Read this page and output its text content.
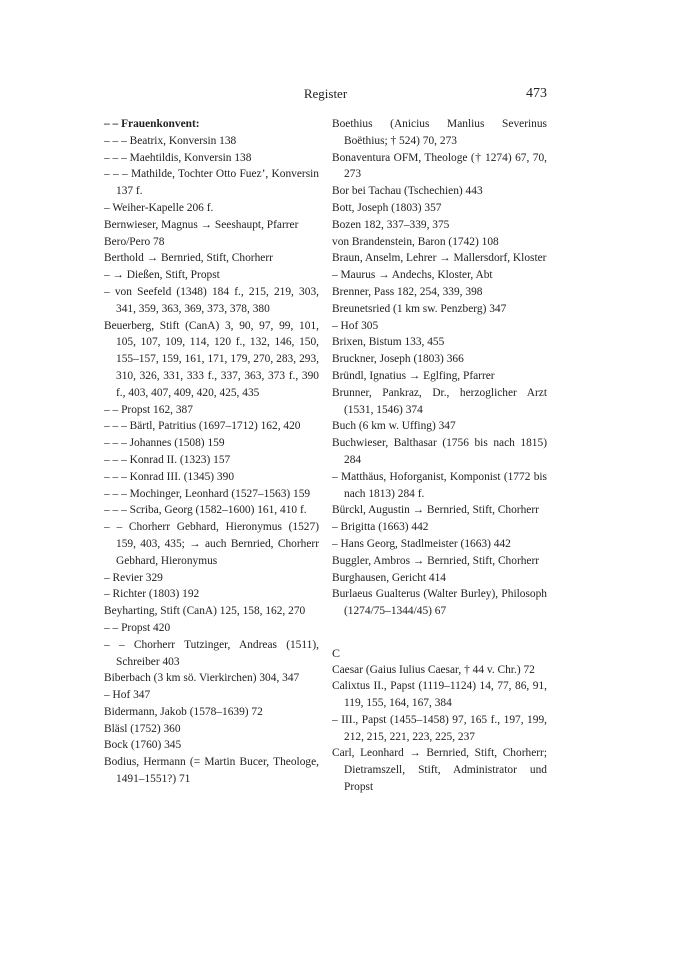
Register	473
– – Frauenkonvent:
– – – Beatrix, Konversin 138
– – – Maehtildis, Konversin 138
– – – Mathilde, Tochter Otto Fuez’, Konversin 137 f.
– Weiher-Kapelle 206 f.
Bernwieser, Magnus → Seeshaupt, Pfarrer
Bero/Pero 78
Berthold → Bernried, Stift, Chorherr
– → Dießen, Stift, Propst
– von Seefeld (1348) 184 f., 215, 219, 303, 341, 359, 363, 369, 373, 378, 380
Beuerberg, Stift (CanA) 3, 90, 97, 99, 101, 105, 107, 109, 114, 120 f., 132, 146, 150, 155–157, 159, 161, 171, 179, 270, 283, 293, 310, 326, 331, 333 f., 337, 363, 373 f., 390 f., 403, 407, 409, 420, 425, 435
– – Propst 162, 387
– – – Bärtl, Patritius (1697–1712) 162, 420
– – – Johannes (1508) 159
– – – Konrad II. (1323) 157
– – – Konrad III. (1345) 390
– – – Mochinger, Leonhard (1527–1563) 159
– – – Scriba, Georg (1582–1600) 161, 410 f.
– – Chorherr Gebhard, Hieronymus (1527) 159, 403, 435; → auch Bernried, Chorherr Gebhard, Hieronymus
– Revier 329
– Richter (1803) 192
Beyharting, Stift (CanA) 125, 158, 162, 270
– – Propst 420
– – Chorherr Tutzinger, Andreas (1511), Schreiber 403
Biberbach (3 km sö. Vierkirchen) 304, 347
– Hof 347
Bidermann, Jakob (1578–1639) 72
Bläsl (1752) 360
Bock (1760) 345
Bodius, Hermann (= Martin Bucer, Theologe, 1491–1551?) 71
Boethius (Anicius Manlius Severinus Boëthius; † 524) 70, 273
Bonaventura OFM, Theologe († 1274) 67, 70, 273
Bor bei Tachau (Tschechien) 443
Bott, Joseph (1803) 357
Bozen 182, 337–339, 375
von Brandenstein, Baron (1742) 108
Braun, Anselm, Lehrer → Mallersdorf, Kloster
– Maurus → Andechs, Kloster, Abt
Brenner, Pass 182, 254, 339, 398
Breunetsried (1 km sw. Penzberg) 347
– Hof 305
Brixen, Bistum 133, 455
Bruckner, Joseph (1803) 366
Bründl, Ignatius → Eglfing, Pfarrer
Brunner, Pankraz, Dr., herzoglicher Arzt (1531, 1546) 374
Buch (6 km w. Uffing) 347
Buchwieser, Balthasar (1756 bis nach 1815) 284
– Matthäus, Hoforganist, Komponist (1772 bis nach 1813) 284 f.
Bürckl, Augustin → Bernried, Stift, Chorherr
– Brigitta (1663) 442
– Hans Georg, Stadlmeister (1663) 442
Buggler, Ambros → Bernried, Stift, Chorherr
Burghausen, Gericht 414
Burlaeus Gualterus (Walter Burley), Philosoph (1274/75–1344/45) 67
C
Caesar (Gaius Iulius Caesar, † 44 v. Chr.) 72
Calixtus II., Papst (1119–1124) 14, 77, 86, 91, 119, 155, 164, 167, 384
– III., Papst (1455–1458) 97, 165 f., 197, 199, 212, 215, 221, 223, 225, 237
Carl, Leonhard → Bernried, Stift, Chorherr; Dietramszell, Stift, Administrator und Propst
